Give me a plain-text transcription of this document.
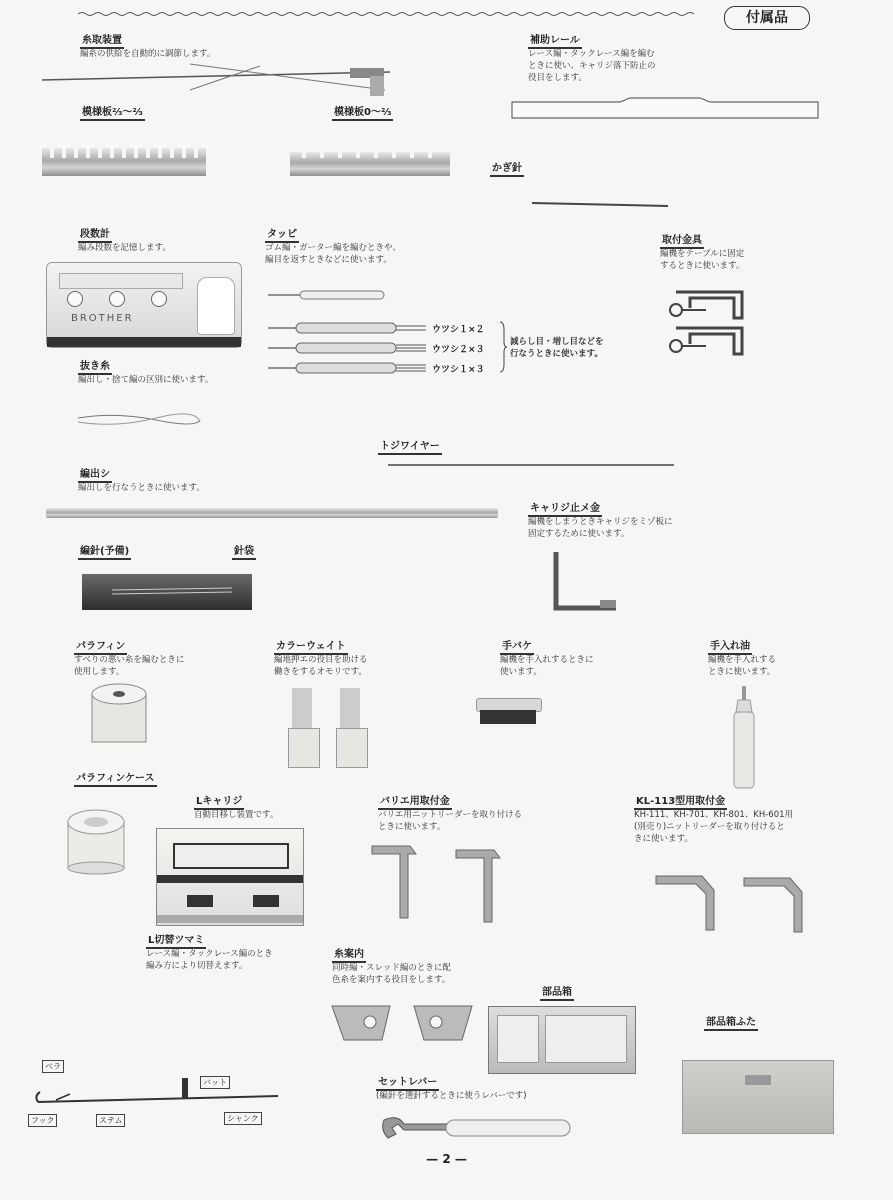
付属品
糸取装置
編糸の供給を自動的に調節します。
補助レール
レース編・タックレース編を編む
ときに使い、キャリジ落下防止の
役目をします。
模様板⅔〜⅔	模様板0〜⅔
かぎ針
段数計
編み段数を記憶します。
BROTHER
タッピ
ゴム編・ガーター編を編むときや、
編目を返すときなどに使います。
ウツシ１×２
ウツシ２×３
ウツシ１×３
減らし目・増し目などを
行なうときに使います。
取付金具
編機をテーブルに固定
するときに使います。
抜き糸
編出し・捨て編の区別に使います。
トジワイヤー
編出シ
編出しを行なうときに使います。
キャリジ止メ金
編機をしまうときキャリジをミゾ板に
固定するために使います。
編針(予備)	針袋
パラフィン
すべりの悪い糸を編むときに
使用します。
カラーウェイト
編地押エの役目を助ける
働きをするオモリです。
手バケ
編機を手入れするときに
使います。
手入れ油
編機を手入れする
ときに使います。
パラフィンケース
Lキャリジ
自動目移し装置です。
L切替ツマミ
レース編・タックレース編のとき
編み方により切替えます。
バリエ用取付金
バリエ用ニットリーダーを取り付ける
ときに使います。
KL-113型用取付金
KH-111、KH-701、KH-801、KH-601用
(別売り)ニットリーダーを取り付けると
きに使います。
糸案内
同時編・スレッド編のときに配
色糸を案内する役目をします。
部品箱
部品箱ふた
ベラ
バット
フック	ステム	シャンク
セットレバー
(編針を選針するときに使うレバーです)
— 2 —
